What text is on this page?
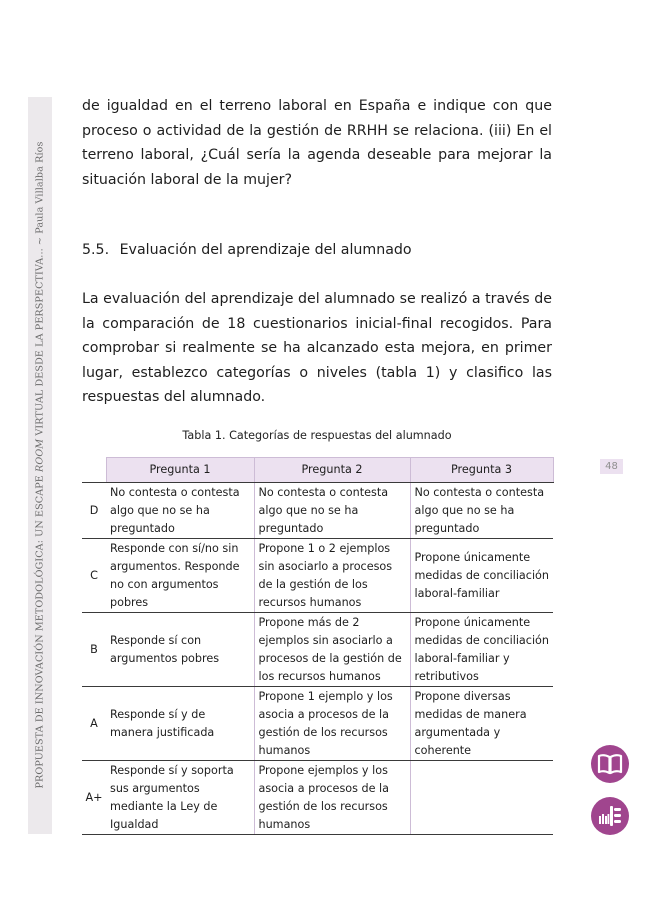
PROPUESTA DE INNOVACIÓN METODOLÓGICA: UN ESCAPE ROOM VIRTUAL DESDE LA PERSPECTIVA... ~ Paula Villalba Ríos

de igualdad en el terreno laboral en España e indique con que proceso o actividad de la gestión de RRHH se relaciona. (iii) En el terreno laboral, ¿Cuál sería la agenda deseable para mejorar la situación laboral de la mujer?

5.5. Evaluación del aprendizaje del alumnado

La evaluación del aprendizaje del alumnado se realizó a través de la comparación de 18 cuestionarios inicial-final recogidos. Para comprobar si realmente se ha alcanzado esta mejora, en primer lugar, establezco categorías o niveles (tabla 1) y clasifico las respuestas del alumnado.

Tabla 1. Categorías de respuestas del alumnado
	Pregunta 1	Pregunta 2	Pregunta 3
D	No contesta o contesta algo que no se ha preguntado	No contesta o contesta algo que no se ha preguntado	No contesta o contesta algo que no se ha preguntado
C	Responde con sí/no sin argumentos. Responde no con argumentos pobres	Propone 1 o 2 ejemplos sin asociarlo a procesos de la gestión de los recursos humanos	Propone únicamente medidas de conciliación laboral-familiar
B	Responde sí con argumentos pobres	Propone más de 2 ejemplos sin asociarlo a procesos de la gestión de los recursos humanos	Propone únicamente medidas de conciliación laboral-familiar y retributivos
A	Responde sí y de manera justificada	Propone 1 ejemplo y los asocia a procesos de la gestión de los recursos humanos	Propone diversas medidas de manera argumentada y coherente
A+	Responde sí y soporta sus argumentos mediante la Ley de Igualdad	Propone ejemplos y los asocia a procesos de la gestión de los recursos humanos	
48
